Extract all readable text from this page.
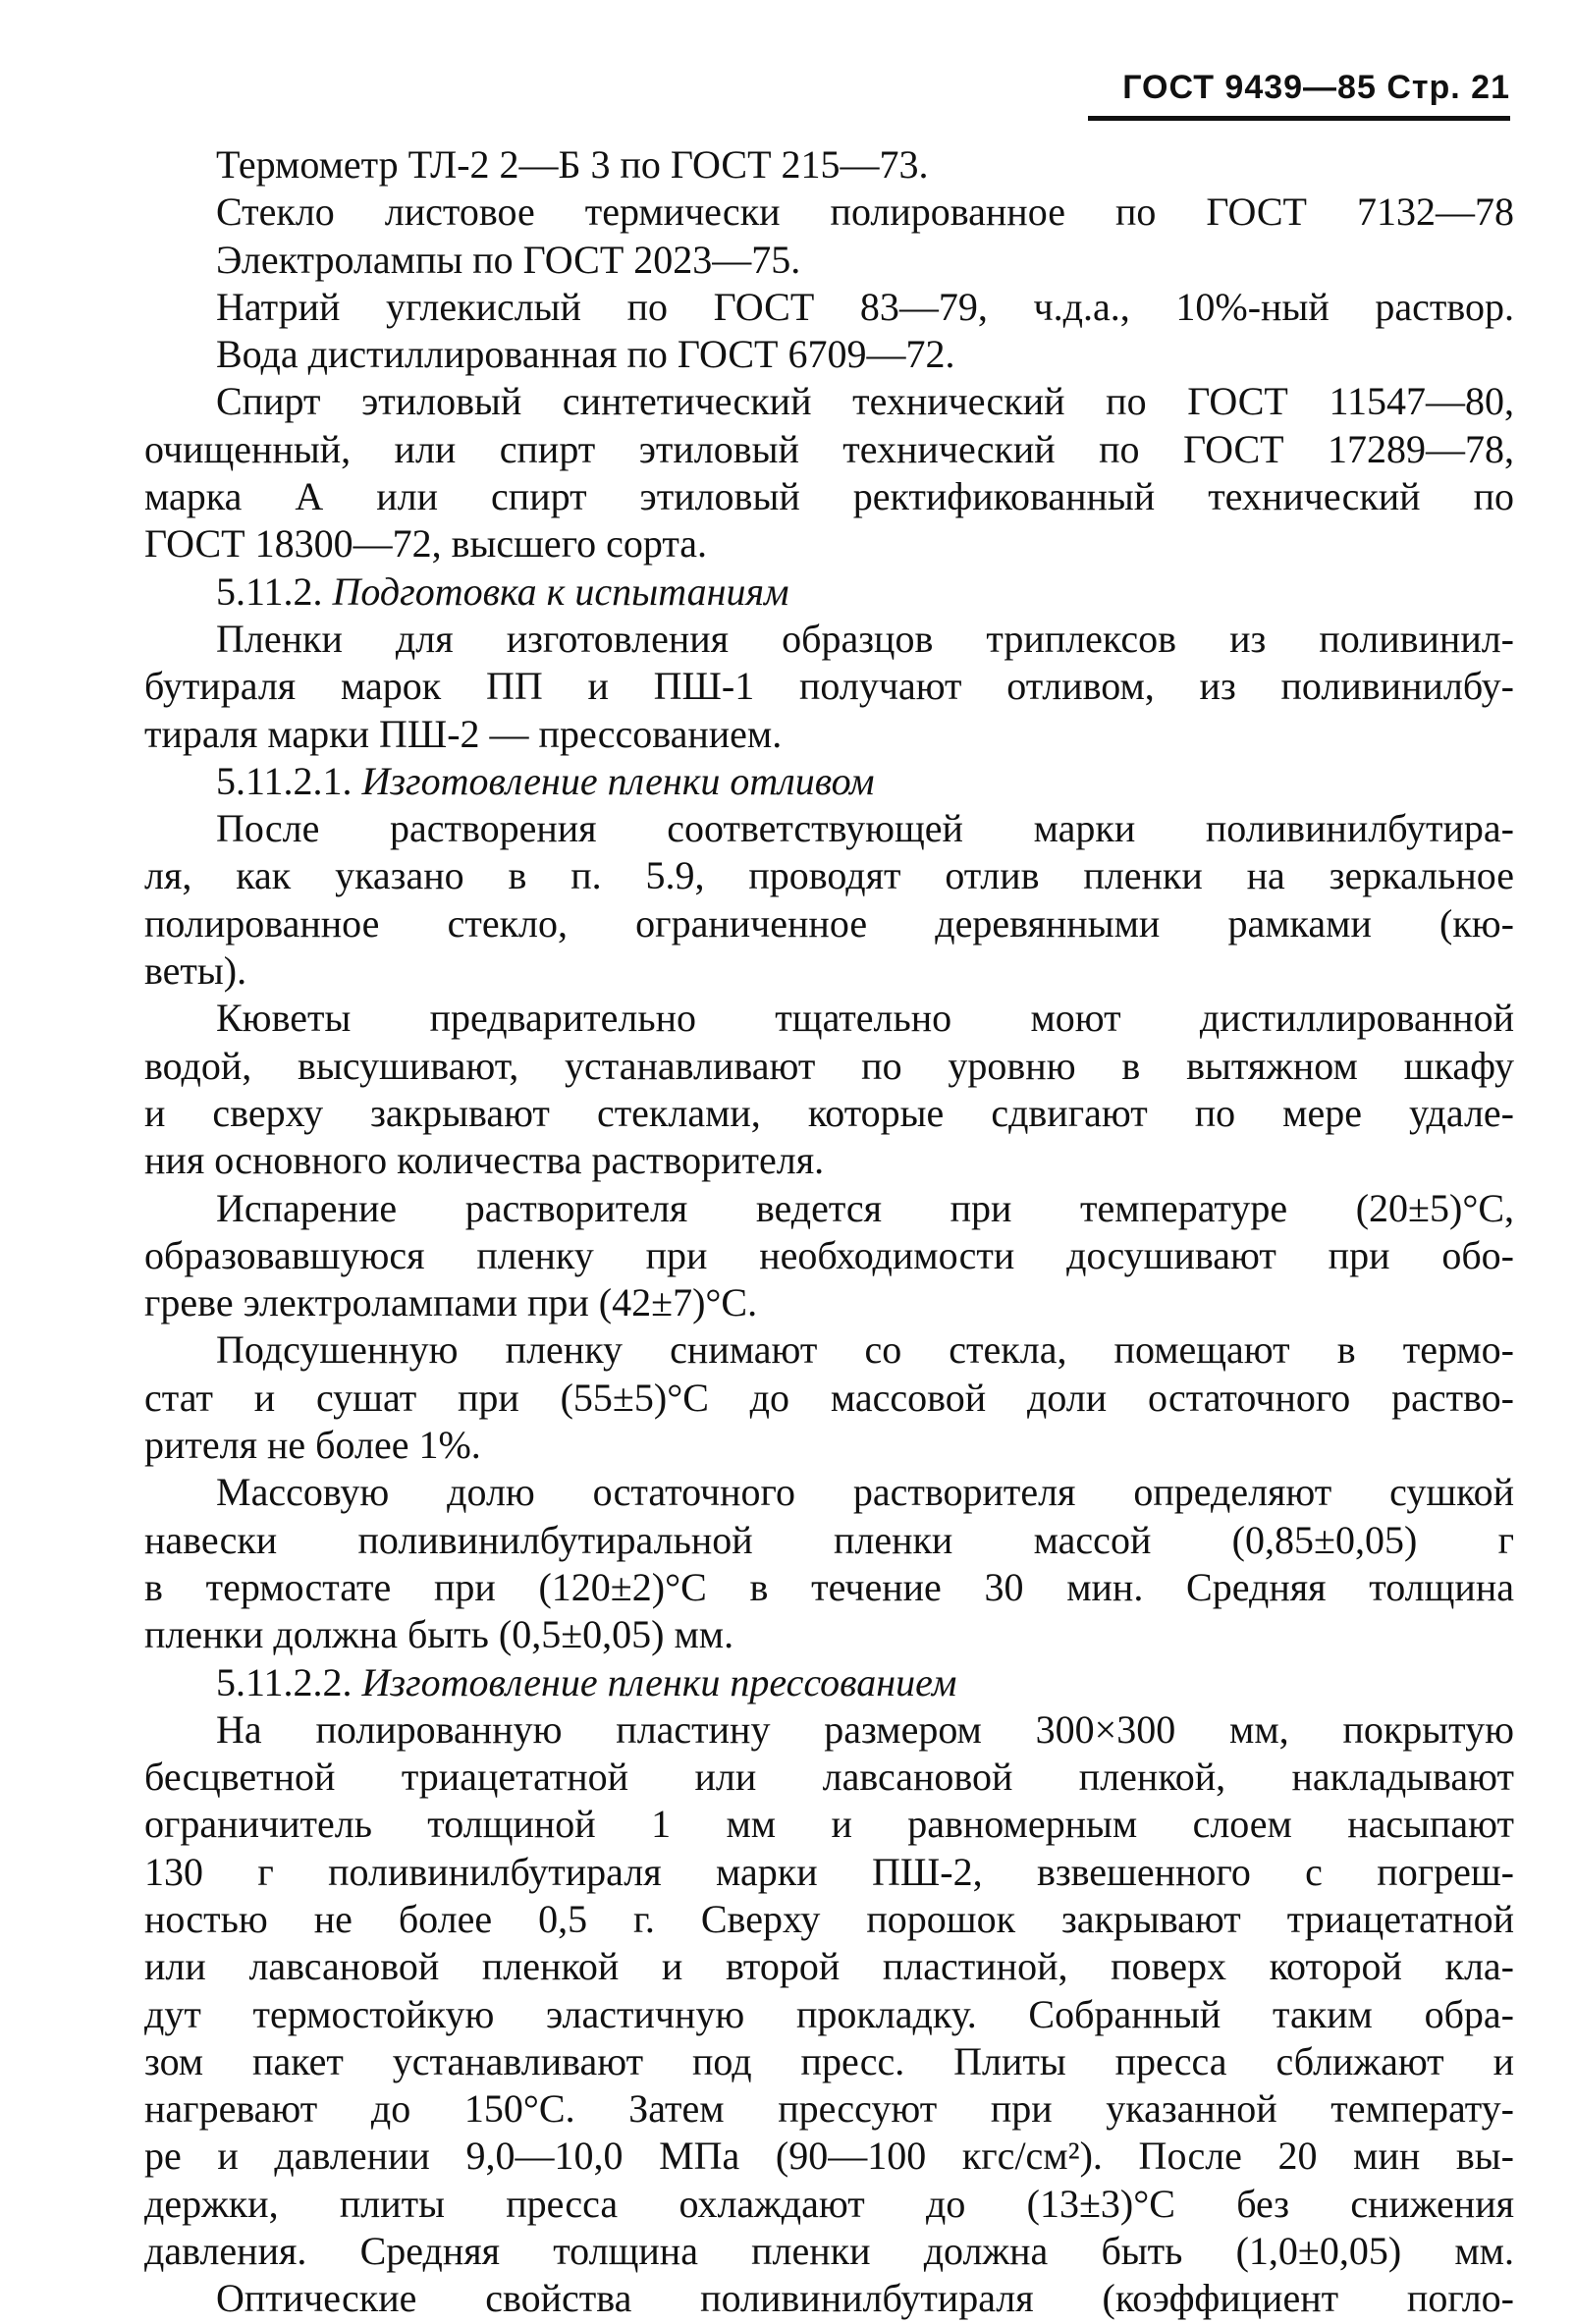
ГОСТ 9439—85 Стр. 21
Термометр ТЛ-2 2—Б 3 по ГОСТ 215—73.
Стекло листовое термически полированное по ГОСТ 7132—78
Электролампы по ГОСТ 2023—75.
Натрий углекислый по ГОСТ 83—79, ч.д.а., 10%-ный раствор.
Вода дистиллированная по ГОСТ 6709—72.
Спирт этиловый синтетический технический по ГОСТ 11547—80,
очищенный, или спирт этиловый технический по ГОСТ 17289—78,
марка А или спирт этиловый ректификованный технический по
ГОСТ 18300—72, высшего сорта.
5.11.2. Подготовка к испытаниям
Пленки для изготовления образцов триплексов из поливинил-
бутираля марок ПП и ПШ-1 получают отливом, из поливинилбу-
тираля марки ПШ-2 — прессованием.
5.11.2.1. Изготовление пленки отливом
После растворения соответствующей марки поливинилбутира-
ля, как указано в п. 5.9, проводят отлив пленки на зеркальное
полированное стекло, ограниченное деревянными рамками (кю-
веты).
Кюветы предварительно тщательно моют дистиллированной
водой, высушивают, устанавливают по уровню в вытяжном шкафу
и сверху закрывают стеклами, которые сдвигают по мере удале-
ния основного количества растворителя.
Испарение растворителя ведется при температуре (20±5)°С,
образовавшуюся пленку при необходимости досушивают при обо-
греве электролампами при (42±7)°С.
Подсушенную пленку снимают со стекла, помещают в термо-
стат и сушат при (55±5)°С до массовой доли остаточного раство-
рителя не более 1%.
Массовую долю остаточного растворителя определяют сушкой
навески поливинилбутиральной пленки массой (0,85±0,05) г
в термостате при (120±2)°С в течение 30 мин. Средняя толщина
пленки должна быть (0,5±0,05) мм.
5.11.2.2. Изготовление пленки прессованием
На полированную пластину размером 300×300 мм, покрытую
бесцветной триацетатной или лавсановой пленкой, накладывают
ограничитель толщиной 1 мм и равномерным слоем насыпают
130 г поливинилбутираля марки ПШ-2, взвешенного с погреш-
ностью не более 0,5 г. Сверху порошок закрывают триацетатной
или лавсановой пленкой и второй пластиной, поверх которой кла-
дут термостойкую эластичную прокладку. Собранный таким обра-
зом пакет устанавливают под пресс. Плиты пресса сближают и
нагревают до 150°С. Затем прессуют при указанной температу-
ре и давлении 9,0—10,0 МПа (90—100 кгс/см²). После 20 мин вы-
держки, плиты пресса охлаждают до (13±3)°С без снижения
давления. Средняя толщина пленки должна быть (1,0±0,05) мм.
Оптические свойства поливинилбутираля (коэффициент погло-
